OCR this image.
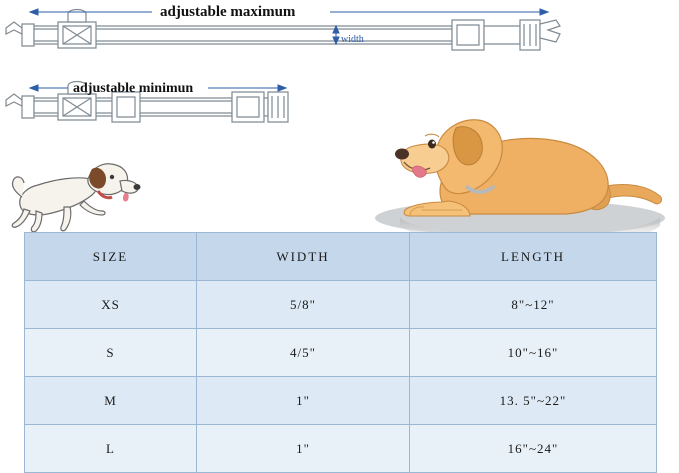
adjustable maximum
adjustable minimun
width
SIZE	WIDTH	LENGTH
XS	5/8"	8"~12"
S	4/5"	10"~16"
M	1"	13. 5"~22"
L	1"	16"~24"
